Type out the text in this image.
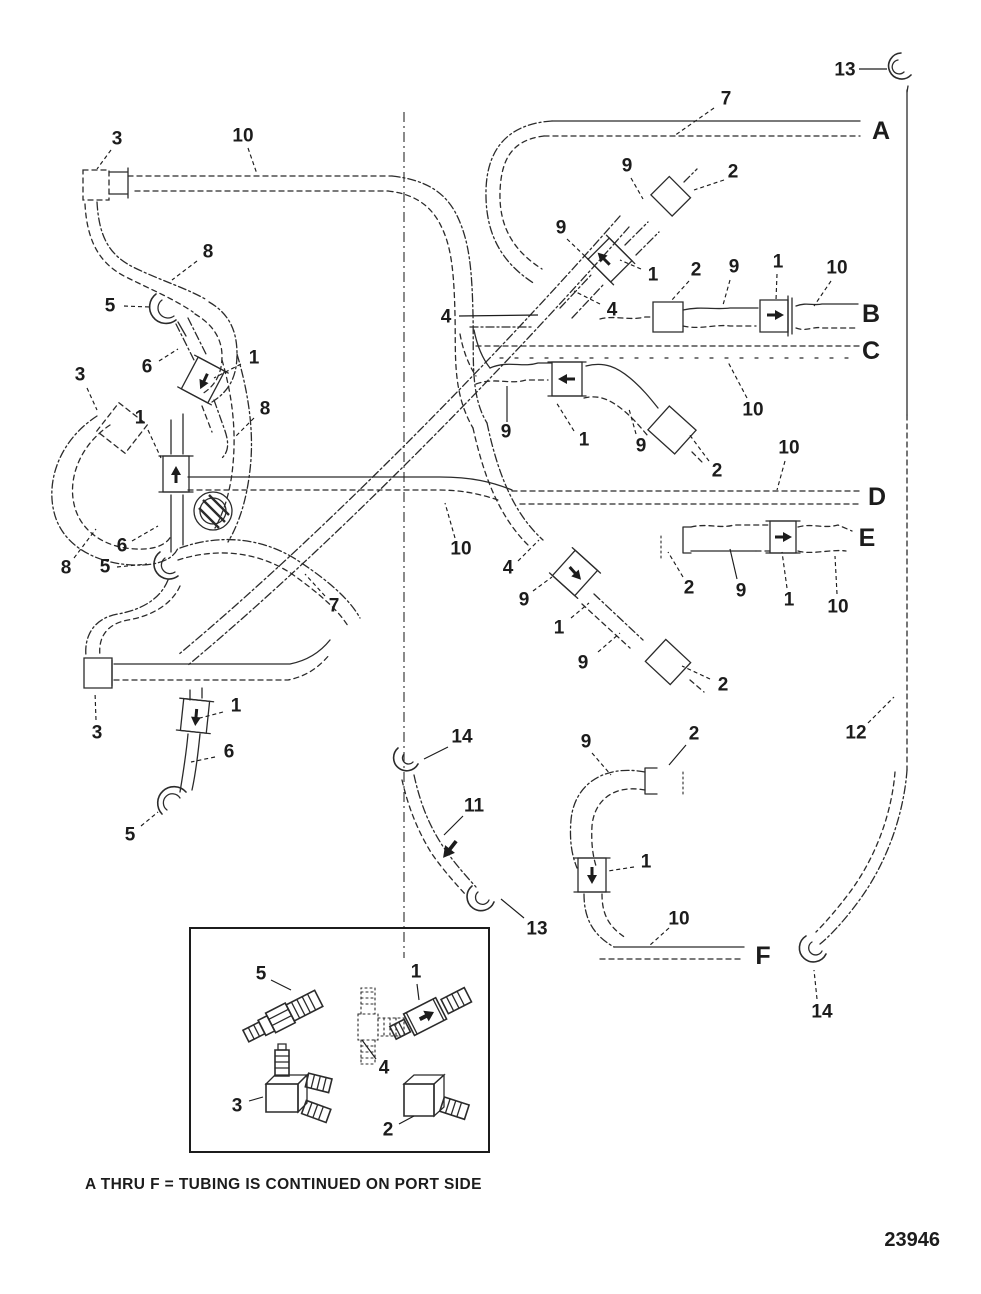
13
7
3	10
8
5
9	2
9
1
4
2 9 1 10
10
4
6	1
3
1	8
8
6
5
7
9	1 9
2
10
10
4
9
1
9
2
2 9 1 10
3
1
6
5
14
11
13
9	2
1
10
12
14
5	1
4
3
2
A
B
C
D
E
F
A THRU F = TUBING IS CONTINUED ON PORT SIDE
23946
